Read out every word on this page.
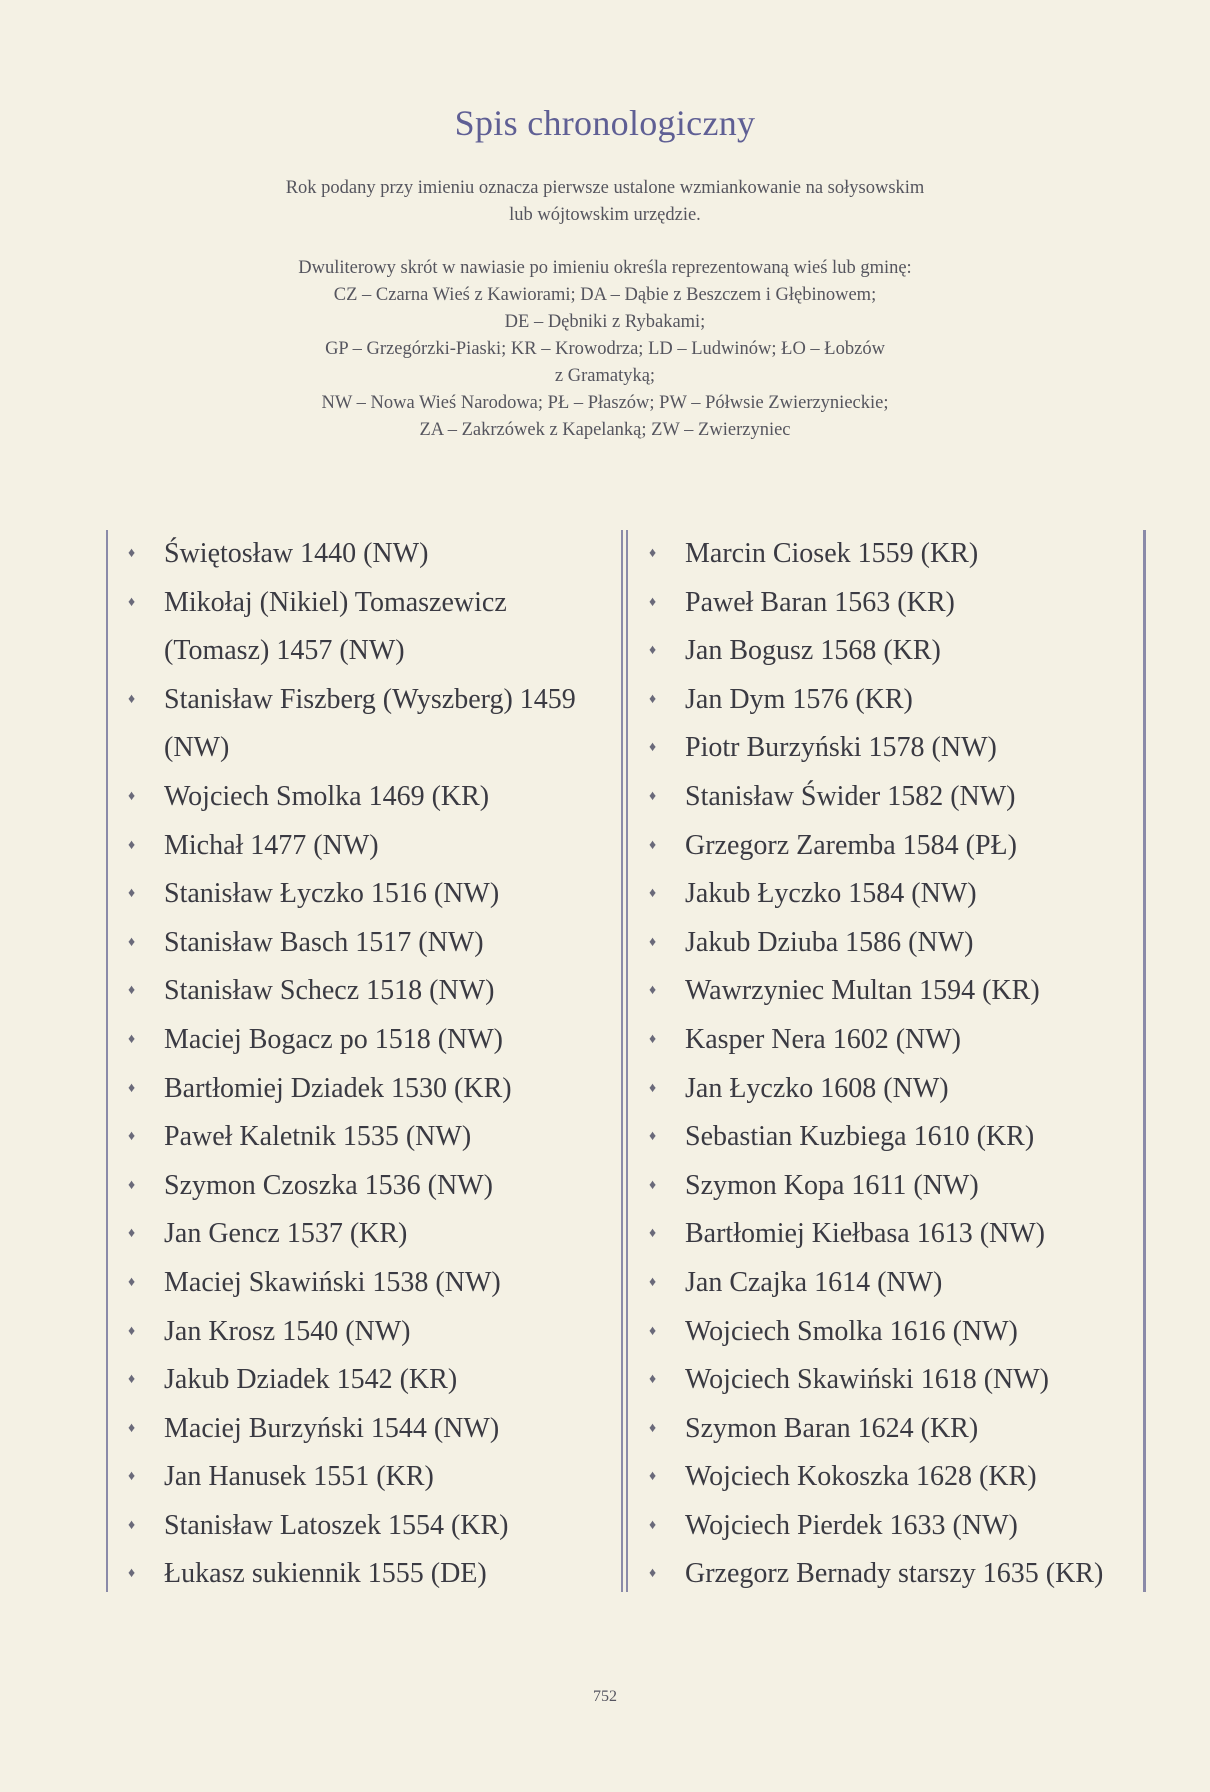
Spis chronologiczny

Rok podany przy imieniu oznacza pierwsze ustalone wzmiankowanie na sołysowskim

lub wójtowskim urzędzie.

Dwuliterowy skrót w nawiasie po imieniu określa reprezentowaną wieś lub gminę:

CZ – Czarna Wieś z Kawiorami; DA – Dąbie z Beszczem i Głębinowem;

DE – Dębniki z Rybakami;

GP – Grzegórzki-Piaski; KR – Krowodrza; LD – Ludwinów; ŁO – Łobzów

z Gramatyką;

NW – Nowa Wieś Narodowa; PŁ – Płaszów; PW – Półwsie Zwierzynieckie;

ZA – Zakrzówek z Kapelanką; ZW – Zwierzyniec

♦ Świętosław 1440 (NW)
♦ Mikołaj (Nikiel) Tomaszewicz
(Tomasz) 1457 (NW)
♦ Stanisław Fiszberg (Wyszberg) 1459
(NW)
♦ Wojciech Smolka 1469 (KR)
♦ Michał 1477 (NW)
♦ Stanisław Łyczko 1516 (NW)
♦ Stanisław Basch 1517 (NW)
♦ Stanisław Schecz 1518 (NW)
♦ Maciej Bogacz po 1518 (NW)
♦ Bartłomiej Dziadek 1530 (KR)
♦ Paweł Kaletnik 1535 (NW)
♦ Szymon Czoszka 1536 (NW)
♦ Jan Gencz 1537 (KR)
♦ Maciej Skawiński 1538 (NW)
♦ Jan Krosz 1540 (NW)
♦ Jakub Dziadek 1542 (KR)
♦ Maciej Burzyński 1544 (NW)
♦ Jan Hanusek 1551 (KR)
♦ Stanisław Latoszek 1554 (KR)
♦ Łukasz sukiennik 1555 (DE)
♦ Marcin Ciosek 1559 (KR)
♦ Paweł Baran 1563 (KR)
♦ Jan Bogusz 1568 (KR)
♦ Jan Dym 1576 (KR)
♦ Piotr Burzyński 1578 (NW)
♦ Stanisław Świder 1582 (NW)
♦ Grzegorz Zaremba 1584 (PŁ)
♦ Jakub Łyczko 1584 (NW)
♦ Jakub Dziuba 1586 (NW)
♦ Wawrzyniec Multan 1594 (KR)
♦ Kasper Nera 1602 (NW)
♦ Jan Łyczko 1608 (NW)
♦ Sebastian Kuzbiega 1610 (KR)
♦ Szymon Kopa 1611 (NW)
♦ Bartłomiej Kiełbasa 1613 (NW)
♦ Jan Czajka 1614 (NW)
♦ Wojciech Smolka 1616 (NW)
♦ Wojciech Skawiński 1618 (NW)
♦ Szymon Baran 1624 (KR)
♦ Wojciech Kokoszka 1628 (KR)
♦ Wojciech Pierdek 1633 (NW)
♦ Grzegorz Bernady starszy 1635 (KR)
752
